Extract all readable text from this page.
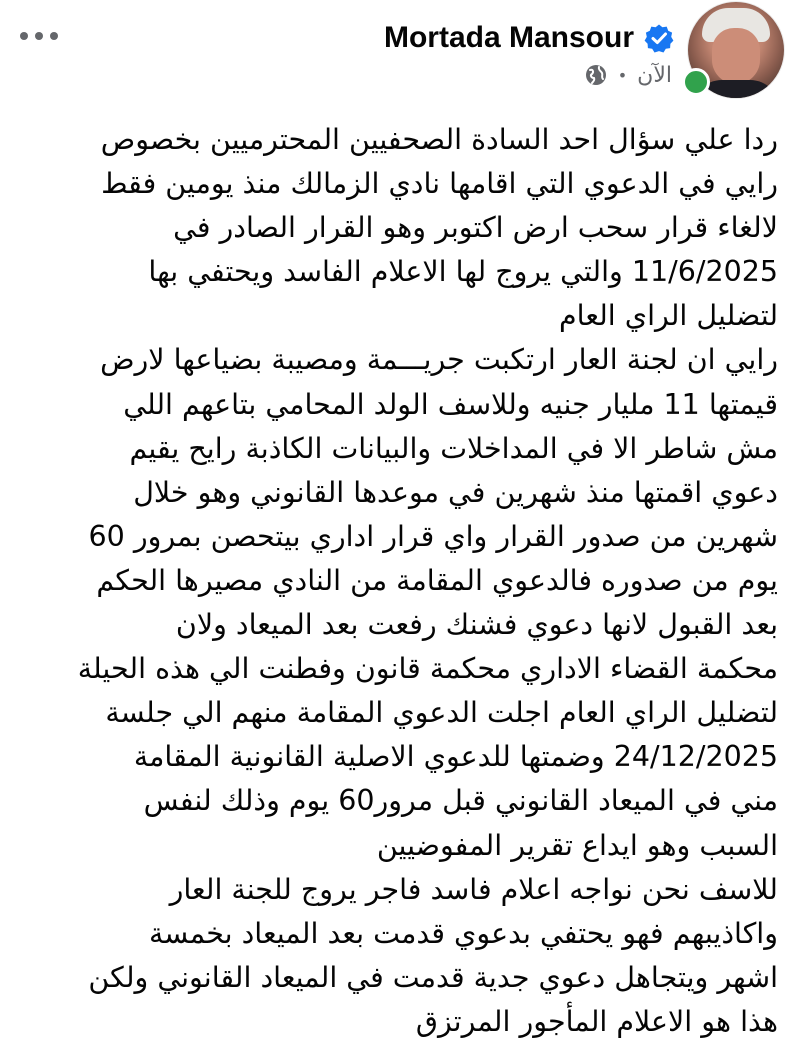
Mortada Mansour
الآن
•
ردا علي سؤال احد السادة الصحفيين المحترميين بخصوص
رايي في الدعوي التي اقامها نادي الزمالك منذ يومين فقط
لالغاء قرار سحب ارض اكتوبر وهو القرار الصادر في
11/6/2025 والتي يروج لها الاعلام الفاسد ويحتفي بها
لتضليل الراي العام
رايي ان لجنة العار ارتكبت جريـــمة ومصيبة بضياعها لارض
قيمتها 11 مليار جنيه وللاسف الولد المحامي بتاعهم اللي
مش شاطر الا في المداخلات والبيانات الكاذبة رايح يقيم
دعوي اقمتها منذ شهرين في موعدها القانوني وهو خلال
شهرين من صدور القرار واي قرار اداري بيتحصن بمرور 60
يوم من صدوره فالدعوي المقامة من النادي مصيرها الحكم
بعد القبول لانها دعوي فشنك رفعت بعد الميعاد ولان
محكمة القضاء الاداري محكمة قانون وفطنت الي هذه الحيلة
لتضليل الراي العام اجلت الدعوي المقامة منهم الي جلسة
24/12/2025 وضمتها للدعوي الاصلية القانونية المقامة
مني في الميعاد القانوني قبل مرور60 يوم وذلك لنفس
السبب وهو ايداع تقرير المفوضيين
للاسف نحن نواجه اعلام فاسد فاجر يروج للجنة العار
واكاذيبهم فهو يحتفي بدعوي قدمت بعد الميعاد بخمسة
اشهر ويتجاهل دعوي جدية قدمت في الميعاد القانوني ولكن
هذا هو الاعلام المأجور المرتزق
